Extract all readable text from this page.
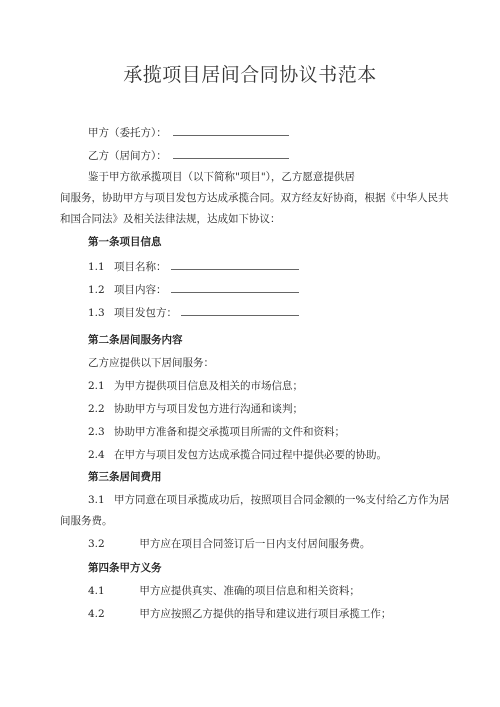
承揽项目居间合同协议书范本
甲方（委托方）：
乙方（居间方）：
鉴于甲方欲承揽项目（以下简称"项目"），乙方愿意提供居
间服务，协助甲方与项目发包方达成承揽合同。双方经友好协商，根据《中华人民共
和国合同法》及相关法律法规，达成如下协议：
第一条项目信息
1.1 项目名称：
1.2 项目内容：
1.3 项目发包方：
第二条居间服务内容
乙方应提供以下居间服务：
2.1 为甲方提供项目信息及相关的市场信息；
2.2 协助甲方与项目发包方进行沟通和谈判；
2.3 协助甲方准备和提交承揽项目所需的文件和资料；
2.4 在甲方与项目发包方达成承揽合同过程中提供必要的协助。
第三条居间费用
3.1 甲方同意在项目承揽成功后，按照项目合同金额的一%支付给乙方作为居
间服务费。
3.2	甲方应在项目合同签订后一日内支付居间服务费。
第四条甲方义务
4.1	甲方应提供真实、准确的项目信息和相关资料；
4.2	甲方应按照乙方提供的指导和建议进行项目承揽工作；
